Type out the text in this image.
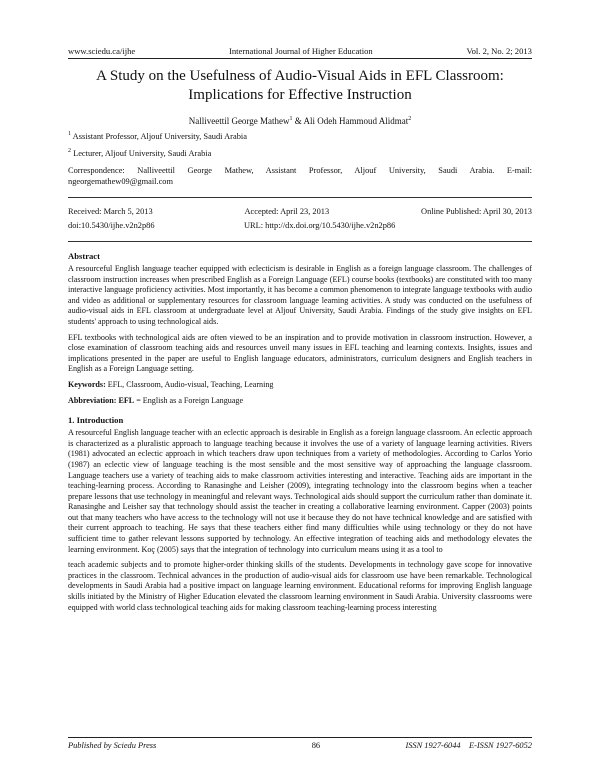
www.sciedu.ca/ijhe	International Journal of Higher Education	Vol. 2, No. 2; 2013
A Study on the Usefulness of Audio-Visual Aids in EFL Classroom:
Implications for Effective Instruction
Nalliveettil George Mathew$^1$ & Ali Odeh Hammoud Alidmat$^2$
$^1$ Assistant Professor, Aljouf University, Saudi Arabia
$^2$ Lecturer, Aljouf University, Saudi Arabia
Correspondence: Nalliveettil George Mathew, Assistant Professor, Aljouf University, Saudi Arabia. E-mail: ngeorgemathew09@gmail.com
Received: March 5, 2013	Accepted: April 23, 2013	Online Published: April 30, 2013
doi:10.5430/ijhe.v2n2p86	URL: http://dx.doi.org/10.5430/ijhe.v2n2p86
Abstract

A resourceful English language teacher equipped with eclecticism is desirable in English as a foreign language classroom. The challenges of classroom instruction increases when prescribed English as a Foreign Language (EFL) course books (textbooks) are constituted with too many interactive language proficiency activities. Most importantly, it has become a common phenomenon to integrate language textbooks with audio and video as additional or supplementary resources for classroom language learning activities. A study was conducted on the usefulness of audio-visual aids in EFL classroom at undergraduate level at Aljouf University, Saudi Arabia. Findings of the study give insights on EFL students' approach to using technological aids.

EFL textbooks with technological aids are often viewed to be an inspiration and to provide motivation in classroom instruction. However, a close examination of classroom teaching aids and resources unveil many issues in EFL teaching and learning contexts. Insights, issues and implications presented in the paper are useful to English language educators, administrators, curriculum designers and English teachers in English as a Foreign Language setting.

Keywords: EFL, Classroom, Audio-visual, Teaching, Learning
Abbreviation: EFL = English as a Foreign Language
1. Introduction

A resourceful English language teacher with an eclectic approach is desirable in English as a foreign language classroom. An eclectic approach is characterized as a pluralistic approach to language teaching because it involves the use of a variety of language learning activities. Rivers (1981) advocated an eclectic approach in which teachers draw upon techniques from a variety of methodologies. According to Carlos Yorio (1987) an eclectic view of language teaching is the most sensible and the most sensitive way of approaching the language classroom. Language teachers use a variety of teaching aids to make classroom activities interesting and interactive. Teaching aids are important in the teaching-learning process. According to Ranasinghe and Leisher (2009), integrating technology into the classroom begins when a teacher prepare lessons that use technology in meaningful and relevant ways. Technological aids should support the curriculum rather than dominate it. Ranasinghe and Leisher say that technology should assist the teacher in creating a collaborative learning environment. Capper (2003) points out that many teachers who have access to the technology will not use it because they do not have technical knowledge and are satisfied with their current approach to teaching. He says that these teachers either find many difficulties while using technology or they do not have sufficient time to gather relevant lessons supported by technology. An effective integration of teaching aids and methodology elevates the learning environment. Koç (2005) says that the integration of technology into curriculum means using it as a tool to

teach academic subjects and to promote higher-order thinking skills of the students. Developments in technology gave scope for innovative practices in the classroom. Technical advances in the production of audio-visual aids for classroom use have been remarkable. Technological developments in Saudi Arabia had a positive impact on language learning environment. Educational reforms for improving English language skills initiated by the Ministry of Higher Education elevated the classroom learning environment in Saudi Arabia. University classrooms were equipped with world class technological teaching aids for making classroom teaching-learning process interesting

Published by Sciedu Press	86	ISSN 1927-6044 E-ISSN 1927-6052
